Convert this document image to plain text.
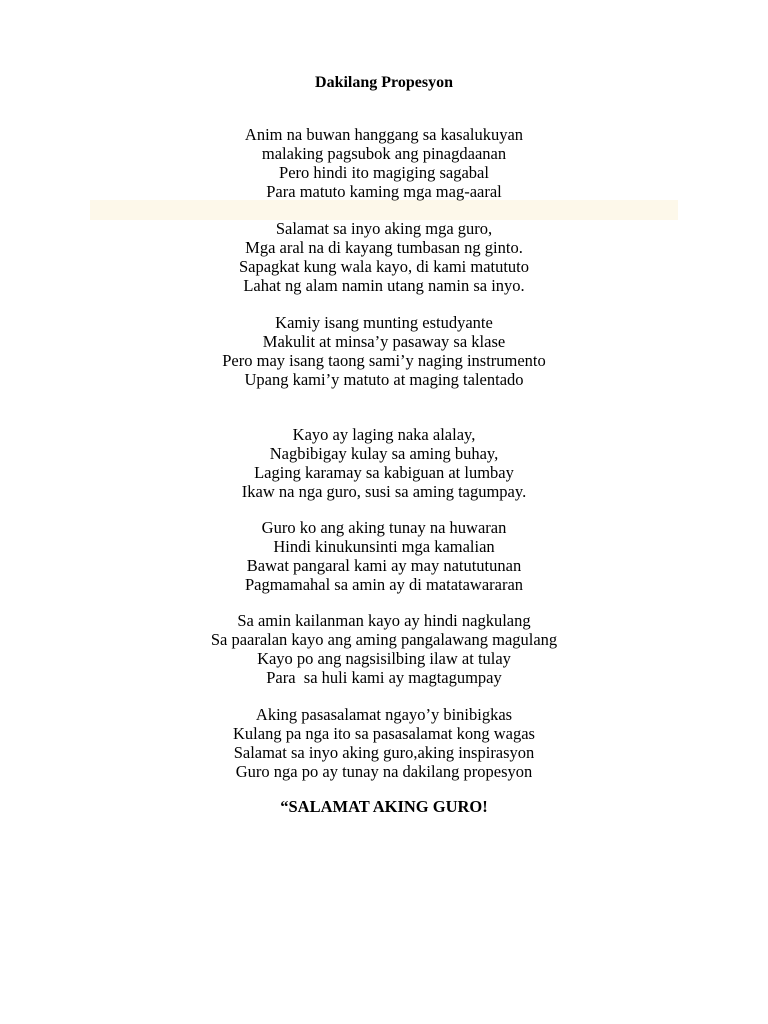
Dakilang Propesyon
Anim na buwan hanggang sa kasalukuyan
malaking pagsubok ang pinagdaanan
Pero hindi ito magiging sagabal
Para matuto kaming mga mag-aaral
Salamat sa inyo aking mga guro,
Mga aral na di kayang tumbasan ng ginto.
Sapagkat kung wala kayo, di kami matututo
Lahat ng alam namin utang namin sa inyo.
Kamiy isang munting estudyante
Makulit at minsa’y pasaway sa klase
Pero may isang taong sami’y naging instrumento
Upang kami’y matuto at maging talentado
Kayo ay laging naka alalay,
Nagbibigay kulay sa aming buhay,
Laging karamay sa kabiguan at lumbay
Ikaw na nga guro, susi sa aming tagumpay.
Guro ko ang aking tunay na huwaran
Hindi kinukunsinti mga kamalian
Bawat pangaral kami ay may natututunan
Pagmamahal sa amin ay di matatawararan
Sa amin kailanman kayo ay hindi nagkulang
Sa paaralan kayo ang aming pangalawang magulang
Kayo po ang nagsisilbing ilaw at tulay
Para  sa huli kami ay magtagumpay
Aking pasasalamat ngayo’y binibigkas
Kulang pa nga ito sa pasasalamat kong wagas
Salamat sa inyo aking guro,aking inspirasyon
Guro nga po ay tunay na dakilang propesyon
“SALAMAT AKING GURO!
